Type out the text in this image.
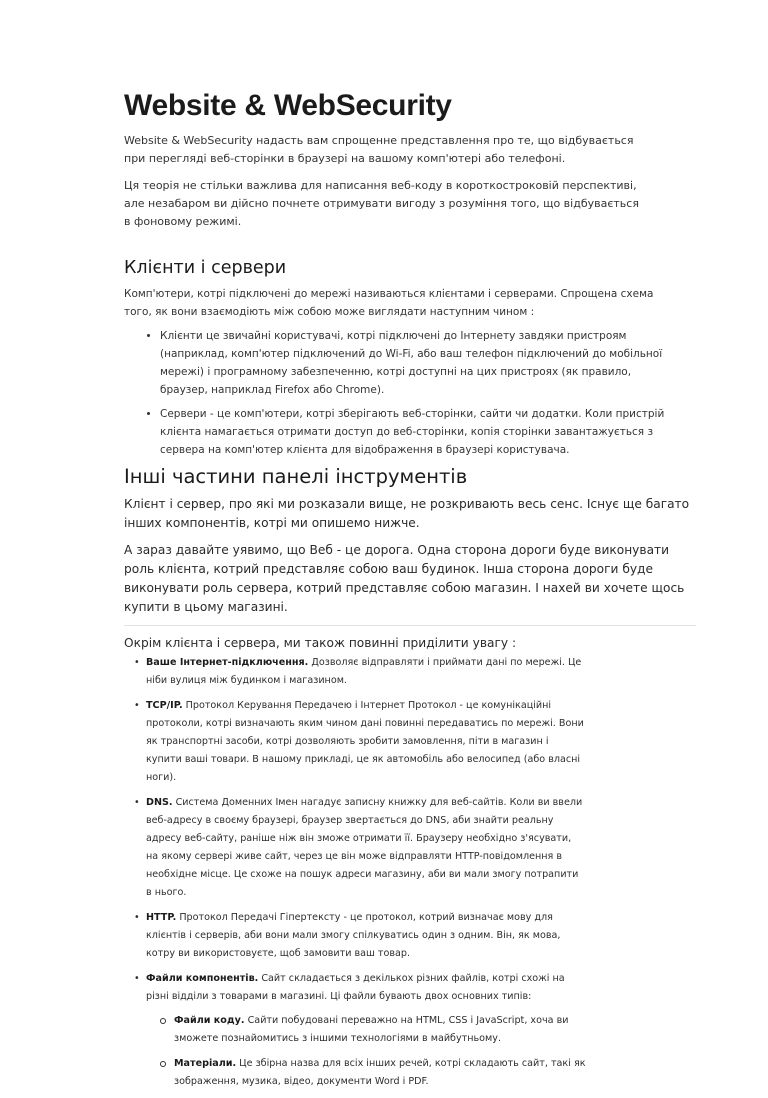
Website & WebSecurity

Website & WebSecurity надасть вам спрощенне представлення про те, що відбувається при перегляді веб-сторінки в браузері на вашому комп'ютері або телефоні.

Ця теорія не стільки важлива для написання веб-коду в короткостроковій перспективі, але незабаром ви дійсно почнете отримувати вигоду з розуміння того, що відбувається в фоновому режимі.

Клієнти і сервери

Комп'ютери, котрі підключені до мережі називаються клієнтами і серверами. Спрощена схема того, як вони взаємодіють між собою може виглядати наступним чином :

• Клієнти це звичайні користувачі, котрі підключені до Інтернету завдяки пристроям (наприклад, комп'ютер підключений до Wi-Fi, або ваш телефон підключений до мобільної мережі) і програмному забезпеченню, котрі доступні на цих пристроях (як правило, браузер, наприклад Firefox або Chrome).
• Сервери - це комп'ютери, котрі зберігають веб-сторінки, сайти чи додатки. Коли пристрій клієнта намагається отримати доступ до веб-сторінки, копія сторінки завантажується з сервера на комп'ютер клієнта для відображення в браузері користувача.
Інші частини панелі інструментів

Клієнт і сервер, про які ми розказали вище, не розкривають весь сенс. Існує ще багато інших компонентів, котрі ми опишемо нижче.

А зараз давайте уявимо, що Веб - це дорога. Одна сторона дороги буде виконувати роль клієнта, котрий представляє собою ваш будинок. Інша сторона дороги буде виконувати роль сервера, котрий представляє собою магазин. І нахей ви хочете щось купити в цьому магазині.

Окрім клієнта і сервера, ми також повинні приділити увагу :

• Ваше Інтернет-підключення. Дозволяє відправляти і приймати дані по мережі. Це ніби вулиця між будинком і магазином.
• TCP/IP. Протокол Керування Передачею і Інтернет Протокол - це комунікаційні протоколи, котрі визначають яким чином дані повинні передаватись по мережі. Вони як транспортні засоби, котрі дозволяють зробити замовлення, піти в магазин і купити ваші товари. В нашому прикладі, це як автомобіль або велосипед (або власні ноги).
• DNS. Система Доменних Імен нагадує записну книжку для веб-сайтів. Коли ви ввели веб-адресу в своєму браузері, браузер звертається до DNS, аби знайти реальну адресу веб-сайту, раніше ніж він зможе отримати її. Браузеру необхідно з'ясувати, на якому сервері живе сайт, через це він може відправляти HTTP-повідомлення в необхідне місце. Це схоже на пошук адреси магазину, аби ви мали змогу потрапити в нього.
• HTTP. Протокол Передачі Гіпертексту - це протокол, котрий визначає мову для клієнтів і серверів, аби вони мали змогу спілкуватись один з одним. Він, як мова, котру ви використовуєте, щоб замовити ваш товар.
• Файли компонентів. Сайт складається з декількох різних файлів, котрі схожі на різні відділи з товарами в магазині. Ці файли бувають двох основних типів:
Файли коду. Сайти побудовані переважно на HTML, CSS і JavaScript, хоча ви зможете познайомитись з іншими технологіями в майбутньому.
Матеріали. Це збірна назва для всіх інших речей, котрі складають сайт, такі як зображення, музика, відео, документи Word і PDF.
